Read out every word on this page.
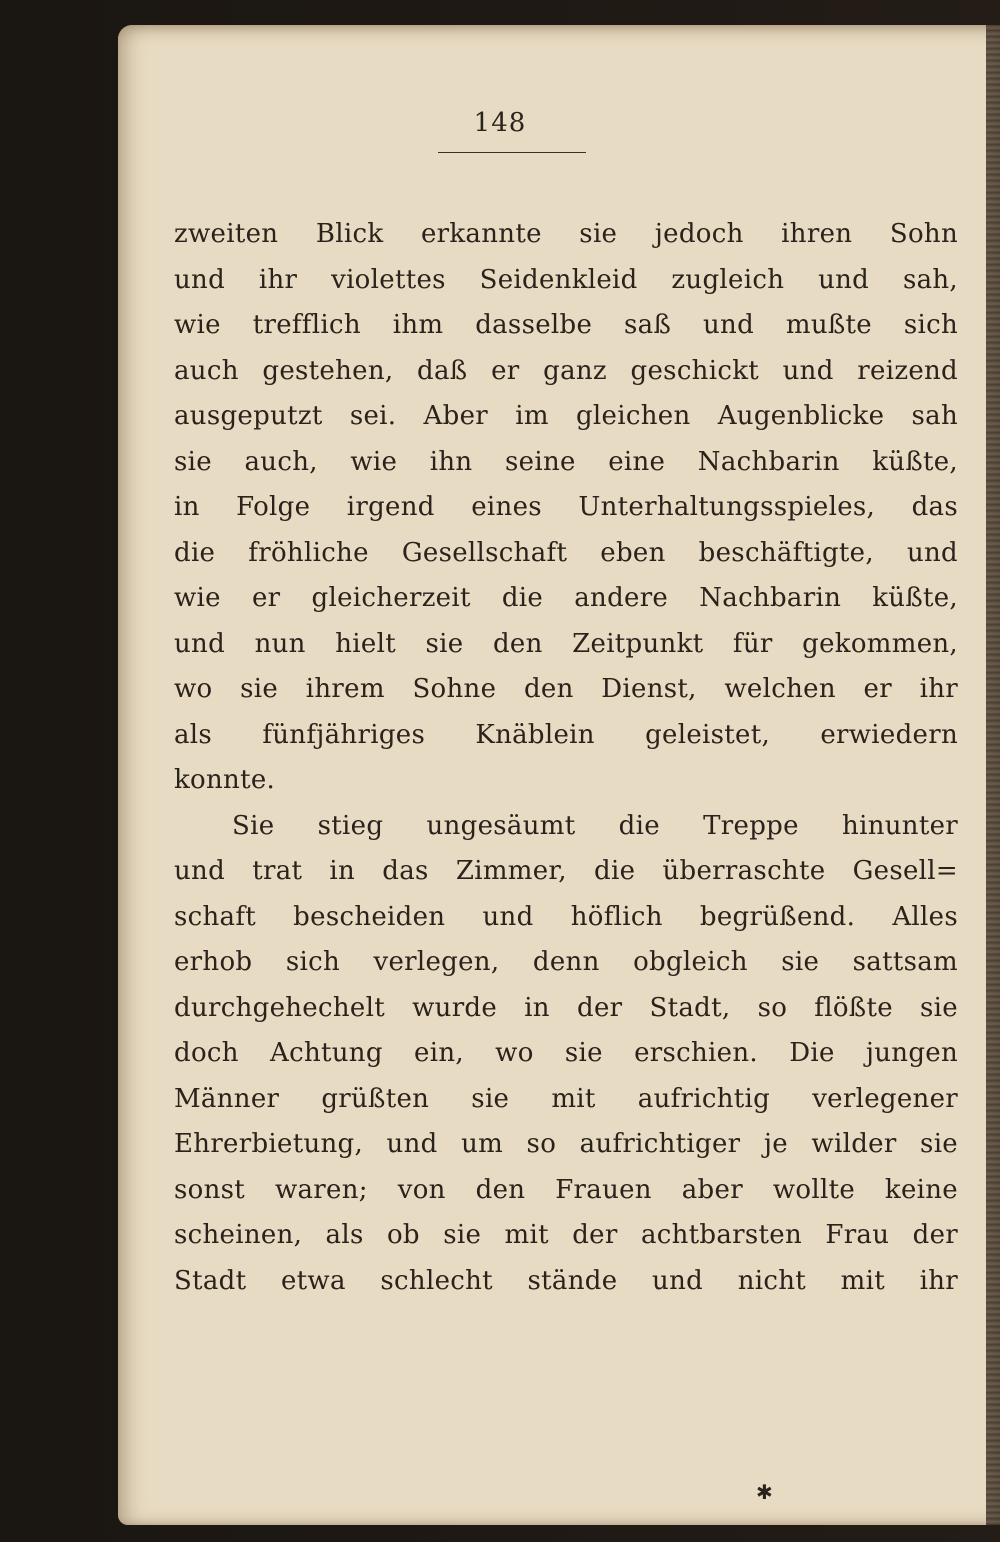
148
zweiten Blick erkannte sie jedoch ihren Sohn
und ihr violettes Seidenkleid zugleich und sah,
wie trefflich ihm dasselbe saß und mußte sich
auch gestehen, daß er ganz geschickt und reizend
ausgeputzt sei. Aber im gleichen Augenblicke sah
sie auch, wie ihn seine eine Nachbarin küßte,
in Folge irgend eines Unterhaltungsspieles, das
die fröhliche Gesellschaft eben beschäftigte, und
wie er gleicherzeit die andere Nachbarin küßte,
und nun hielt sie den Zeitpunkt für gekommen,
wo sie ihrem Sohne den Dienst, welchen er ihr
als fünfjähriges Knäblein geleistet, erwiedern
konnte.
Sie stieg ungesäumt die Treppe hinunter
und trat in das Zimmer, die überraschte Gesell=
schaft bescheiden und höflich begrüßend. Alles
erhob sich verlegen, denn obgleich sie sattsam
durchgehechelt wurde in der Stadt, so flößte sie
doch Achtung ein, wo sie erschien. Die jungen
Männer grüßten sie mit aufrichtig verlegener
Ehrerbietung, und um so aufrichtiger je wilder sie
sonst waren; von den Frauen aber wollte keine
scheinen, als ob sie mit der achtbarsten Frau der
Stadt etwa schlecht stände und nicht mit ihr
✱
